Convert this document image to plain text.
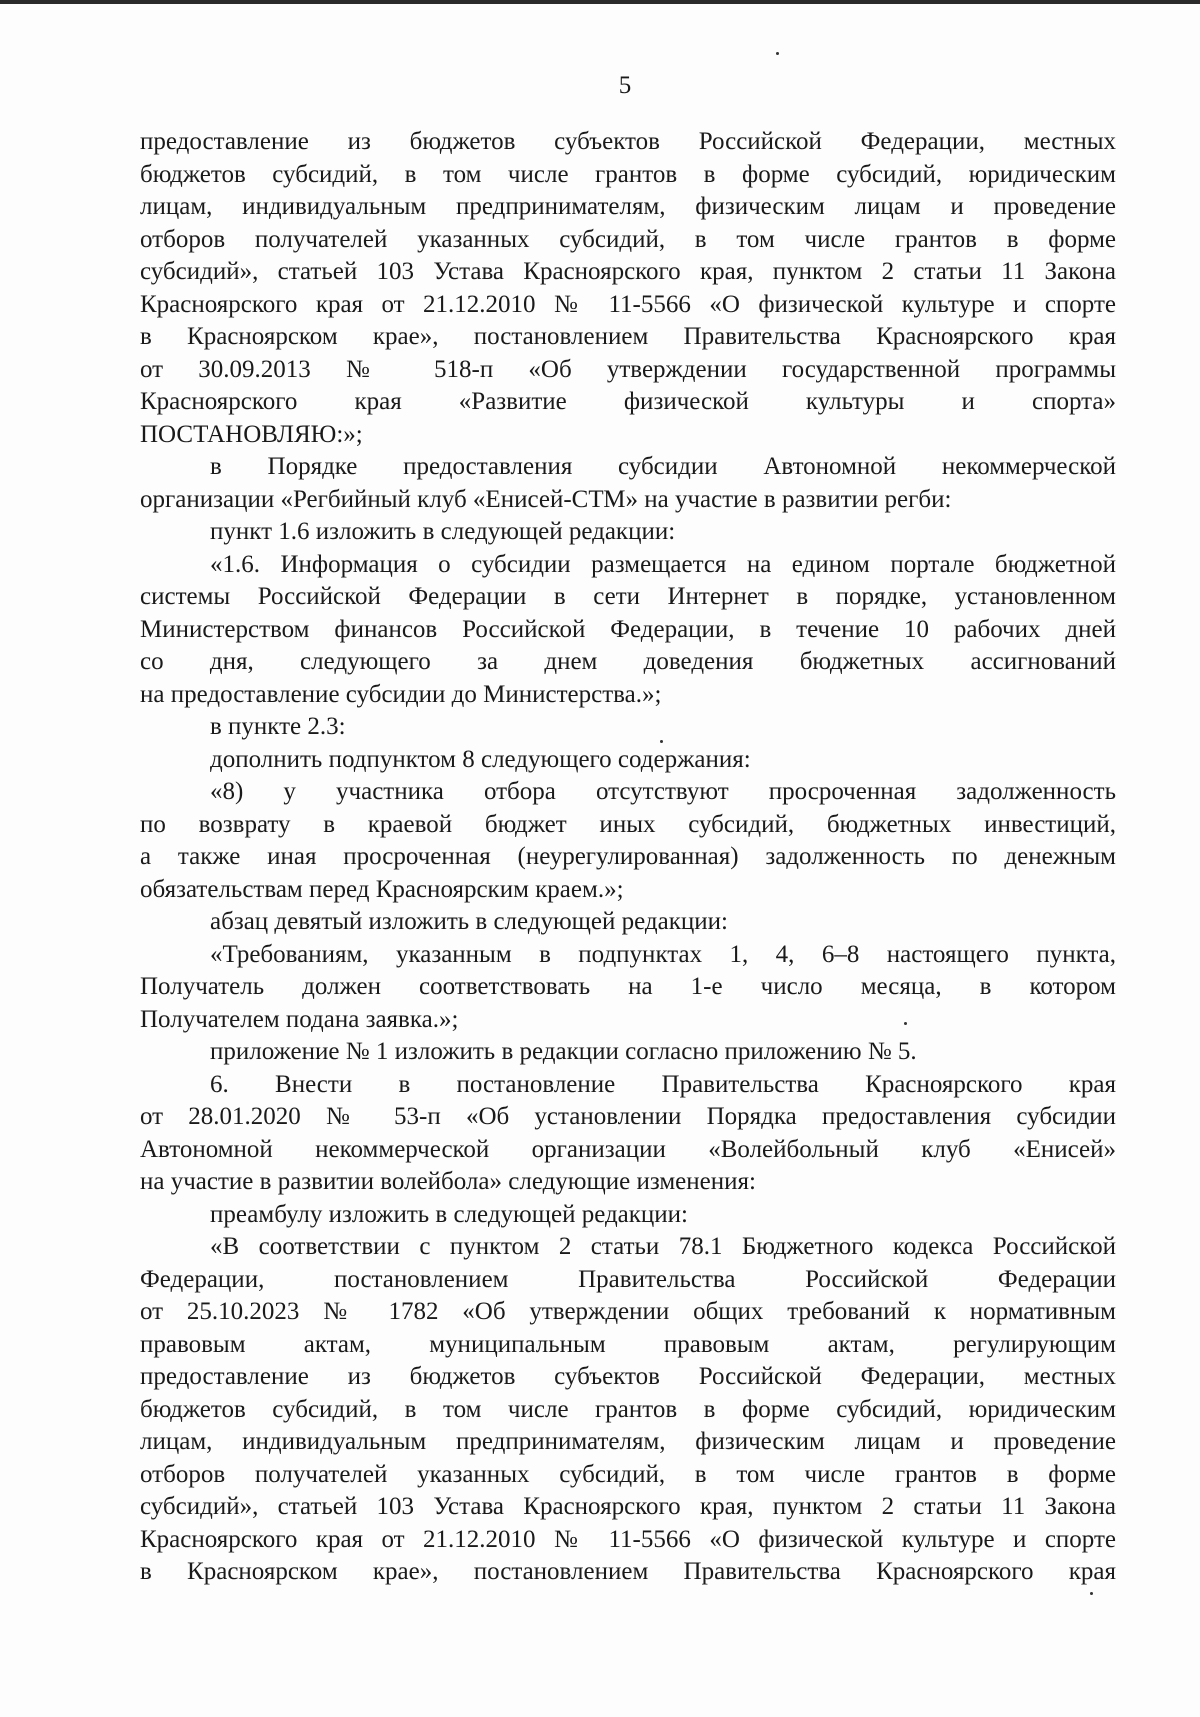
5
предоставление из бюджетов субъектов Российской Федерации, местных
бюджетов субсидий, в том числе грантов в форме субсидий, юридическим
лицам, индивидуальным предпринимателям, физическим лицам и проведение
отборов получателей указанных субсидий, в том числе грантов в форме
субсидий», статьей 103 Устава Красноярского края, пунктом 2 статьи 11 Закона
Красноярского края от 21.12.2010 № 11-5566 «О физической культуре и спорте
в Красноярском крае», постановлением Правительства Красноярского края
от 30.09.2013 № 518-п «Об утверждении государственной программы
Красноярского края «Развитие физической культуры и спорта»
ПОСТАНОВЛЯЮ:»;
в Порядке предоставления субсидии Автономной некоммерческой
организации «Регбийный клуб «Енисей-СТМ» на участие в развитии регби:
пункт 1.6 изложить в следующей редакции:
«1.6. Информация о субсидии размещается на едином портале бюджетной
системы Российской Федерации в сети Интернет в порядке, установленном
Министерством финансов Российской Федерации, в течение 10 рабочих дней
со дня, следующего за днем доведения бюджетных ассигнований
на предоставление субсидии до Министерства.»;
в пункте 2.3:
дополнить подпунктом 8 следующего содержания:
«8) у участника отбора отсутствуют просроченная задолженность
по возврату в краевой бюджет иных субсидий, бюджетных инвестиций,
а также иная просроченная (неурегулированная) задолженность по денежным
обязательствам перед Красноярским краем.»;
абзац девятый изложить в следующей редакции:
«Требованиям, указанным в подпунктах 1, 4, 6–8 настоящего пункта,
Получатель должен соответствовать на 1-е число месяца, в котором
Получателем подана заявка.»;
приложение № 1 изложить в редакции согласно приложению № 5.
6. Внести в постановление Правительства Красноярского края
от 28.01.2020 № 53-п «Об установлении Порядка предоставления субсидии
Автономной некоммерческой организации «Волейбольный клуб «Енисей»
на участие в развитии волейбола» следующие изменения:
преамбулу изложить в следующей редакции:
«В соответствии с пунктом 2 статьи 78.1 Бюджетного кодекса Российской
Федерации, постановлением Правительства Российской Федерации
от 25.10.2023 № 1782 «Об утверждении общих требований к нормативным
правовым актам, муниципальным правовым актам, регулирующим
предоставление из бюджетов субъектов Российской Федерации, местных
бюджетов субсидий, в том числе грантов в форме субсидий, юридическим
лицам, индивидуальным предпринимателям, физическим лицам и проведение
отборов получателей указанных субсидий, в том числе грантов в форме
субсидий», статьей 103 Устава Красноярского края, пунктом 2 статьи 11 Закона
Красноярского края от 21.12.2010 № 11-5566 «О физической культуре и спорте
в Красноярском крае», постановлением Правительства Красноярского края
